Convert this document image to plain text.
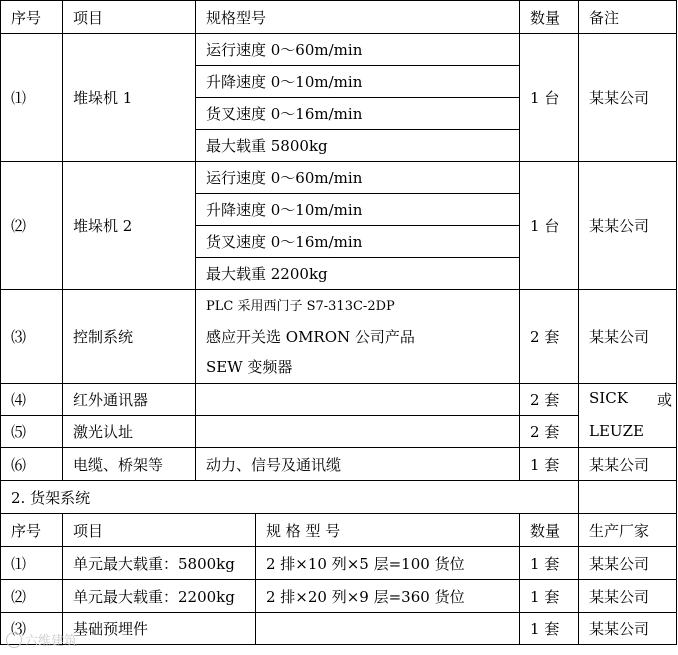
序号	项目	规格型号		数量	备注
⑴	堆垛机 1	运行速度 0～60m/min		1 台	某某公司
		升降速度 0～10m/min			
		货叉速度 0～16m/min			
		最大载重 5800kg			
⑵	堆垛机 2	运行速度 0～60m/min		1 台	某某公司
		升降速度 0～10m/min			
		货叉速度 0～16m/min			
		最大载重 2200kg			
⑶	控制系统	PLC 采用西门子 S7-313C-2DP
感应开关选 OMRON 公司产品
SEW 变频器		2 套	某某公司
⑷	红外通讯器			2 套	SICK 或

⑸	激光认址			2 套	LEUZE
⑹	电缆、桥架等	动力、信号及通讯缆		1 套	某某公司
2. 货架系统					
序号	项目		规 格 型 号	数量	生产厂家
⑴	单元最大载重：5800kg		2 排×10 列×5 层=100 货位	1 套	某某公司
⑵	单元最大载重：2200kg		2 排×20 列×9 层=360 货位	1 套	某某公司
⑶	基础预埋件			1 套	某某公司
六维建筑
